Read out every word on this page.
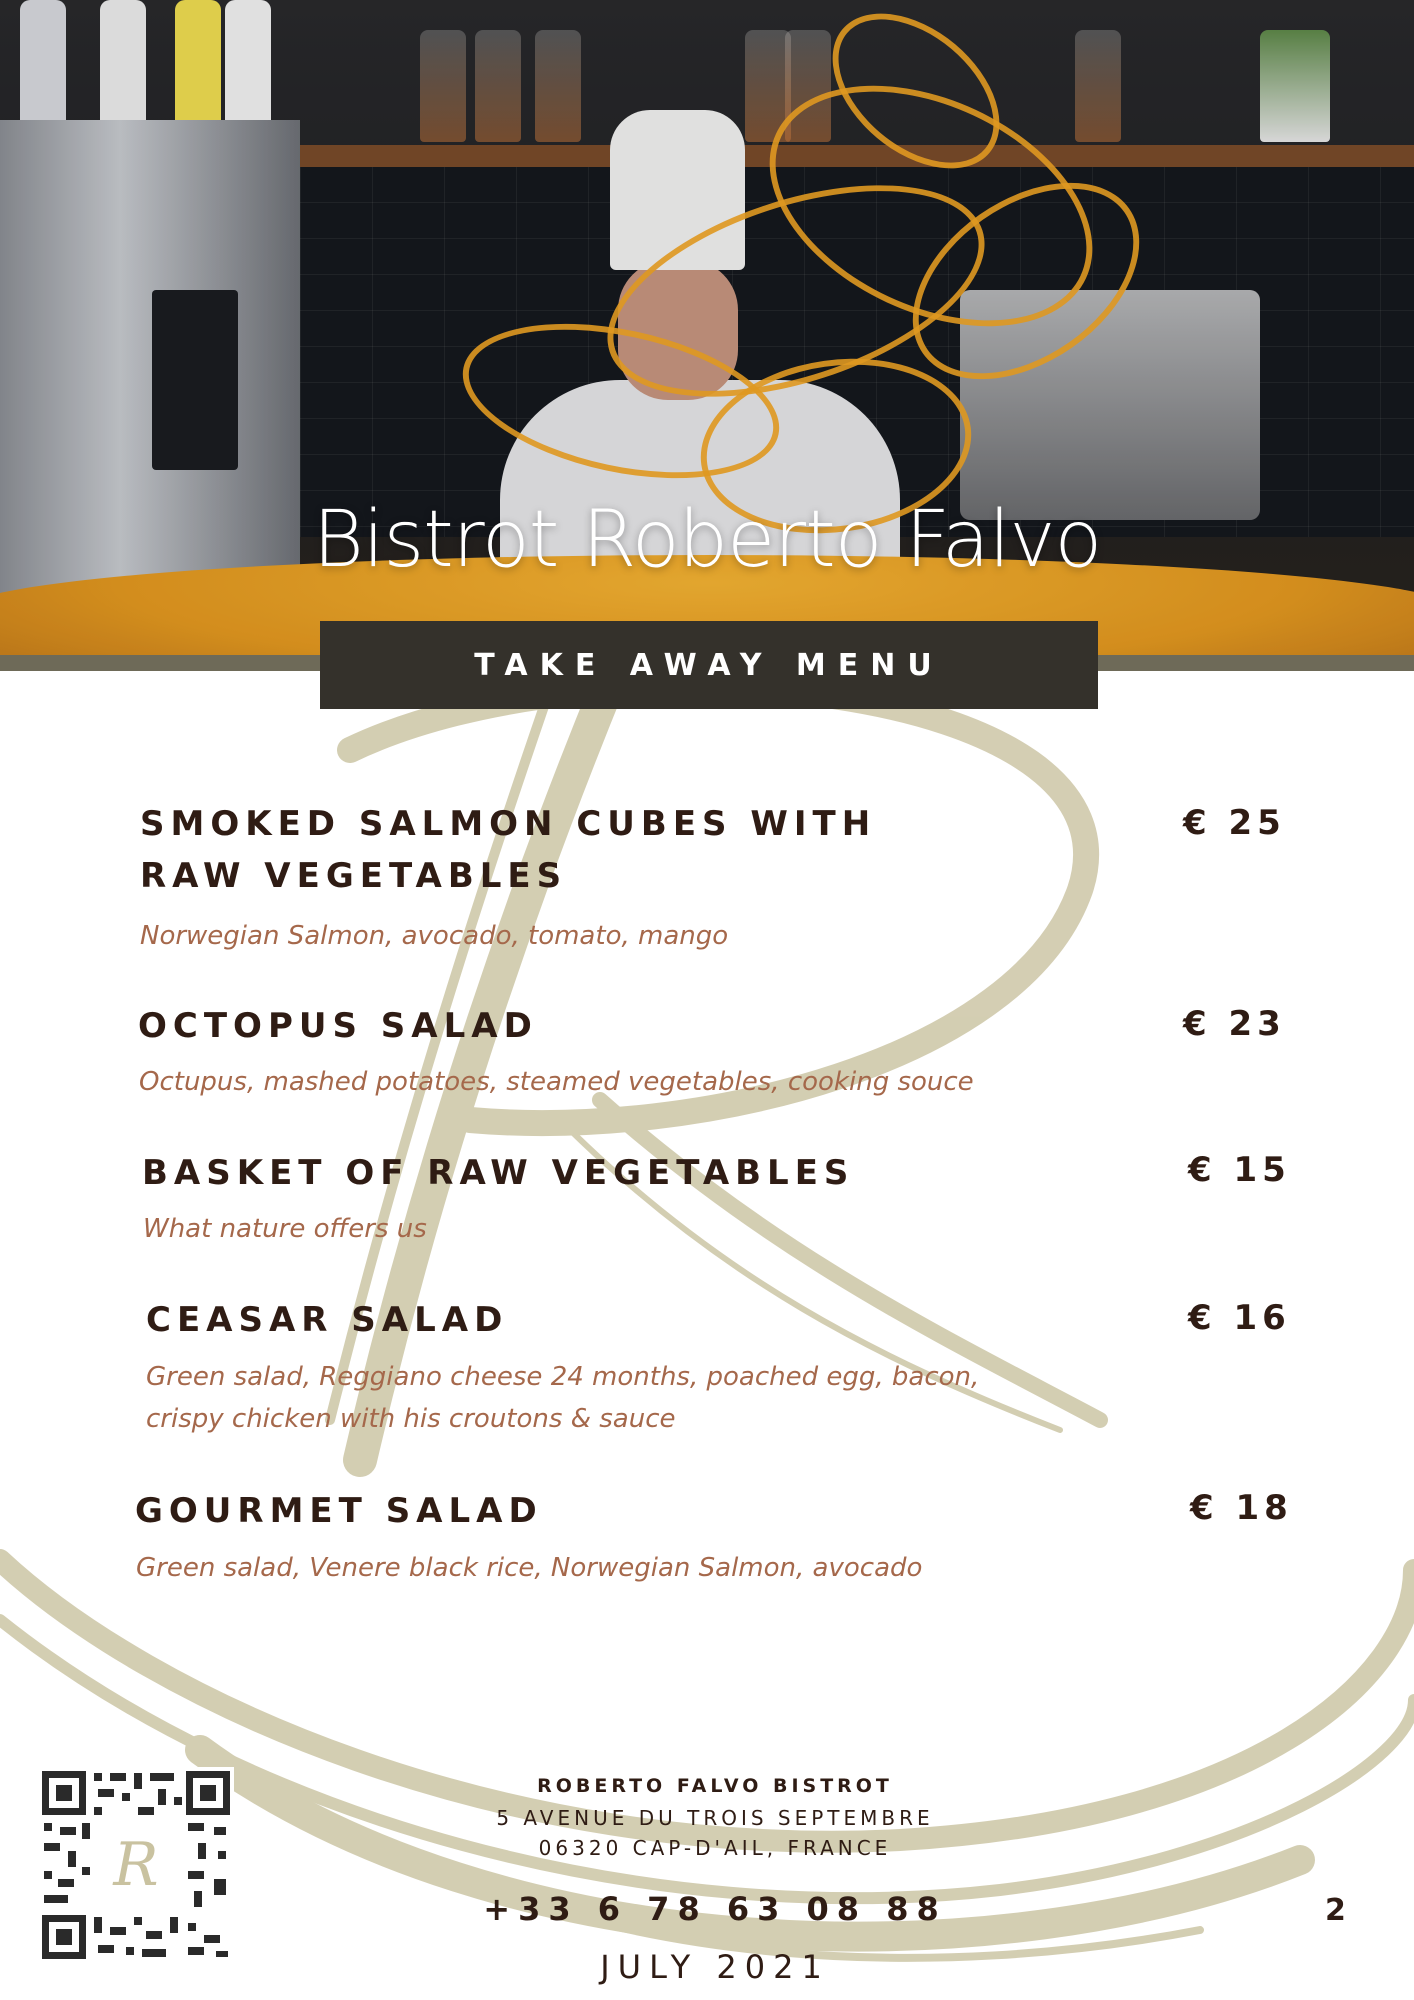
Bistrot Roberto Falvo
TAKE AWAY MENU
SMOKED SALMON CUBES WITH
RAW VEGETABLES
Norwegian Salmon, avocado, tomato, mango
€ 25
OCTOPUS SALAD
Octupus, mashed potatoes, steamed vegetables, cooking souce
€ 23
BASKET OF RAW VEGETABLES
What nature offers us
€ 15
CEASAR SALAD
Green salad, Reggiano cheese 24 months, poached egg, bacon,
crispy chicken with his croutons & sauce
€ 16
GOURMET SALAD
Green salad, Venere black rice, Norwegian Salmon, avocado
€ 18
R
ROBERTO FALVO BISTROT
5 AVENUE DU TROIS SEPTEMBRE
06320 CAP-D'AIL, FRANCE
+33 6 78 63 08 88
JULY 2021
2
